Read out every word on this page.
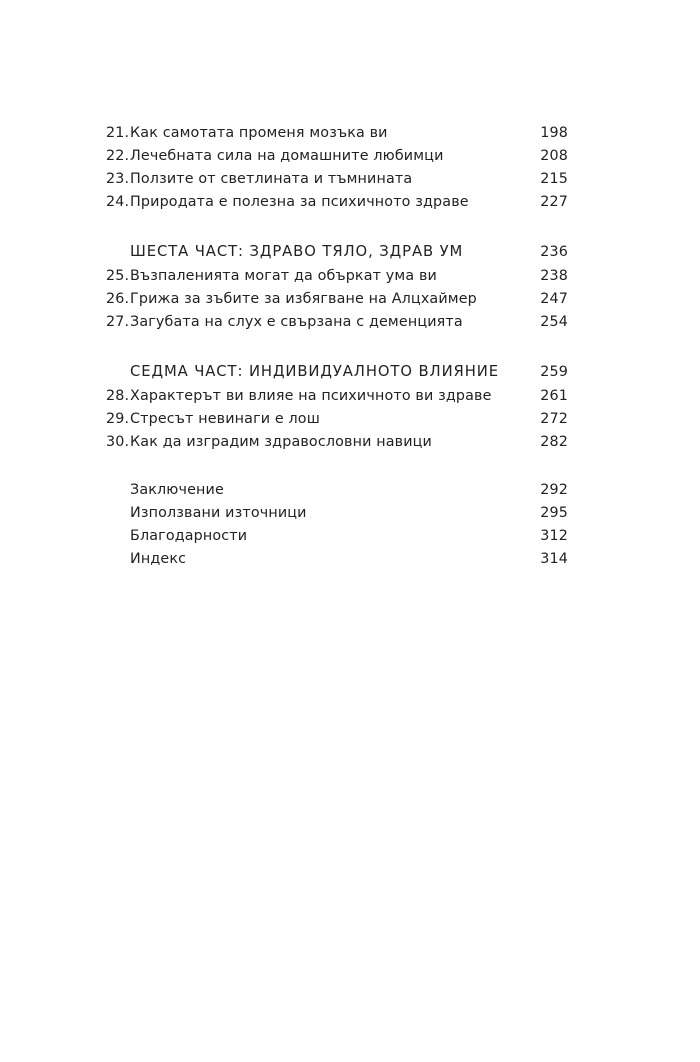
21. Как самотата променя мозъка ви	198
22. Лечебната сила на домашните любимци	208
23. Ползите от светлината и тъмнината	215
24. Природата е полезна за психичното здраве	227
ШЕСТА ЧАСТ: ЗДРАВО ТЯЛО, ЗДРАВ УМ	236
25. Възпаленията могат да объркат ума ви	238
26. Грижа за зъбите за избягване на Алцхаймер	247
27. Загубата на слух е свързана с деменцията	254
СЕДМА ЧАСТ: ИНДИВИДУАЛНОТО ВЛИЯНИЕ	259
28. Характерът ви влияе на психичното ви здраве	261
29. Стресът невинаги е лош	272
30. Как да изградим здравословни навици	282
Заключение	292
Използвани източници	295
Благодарности	312
Индекс	314
